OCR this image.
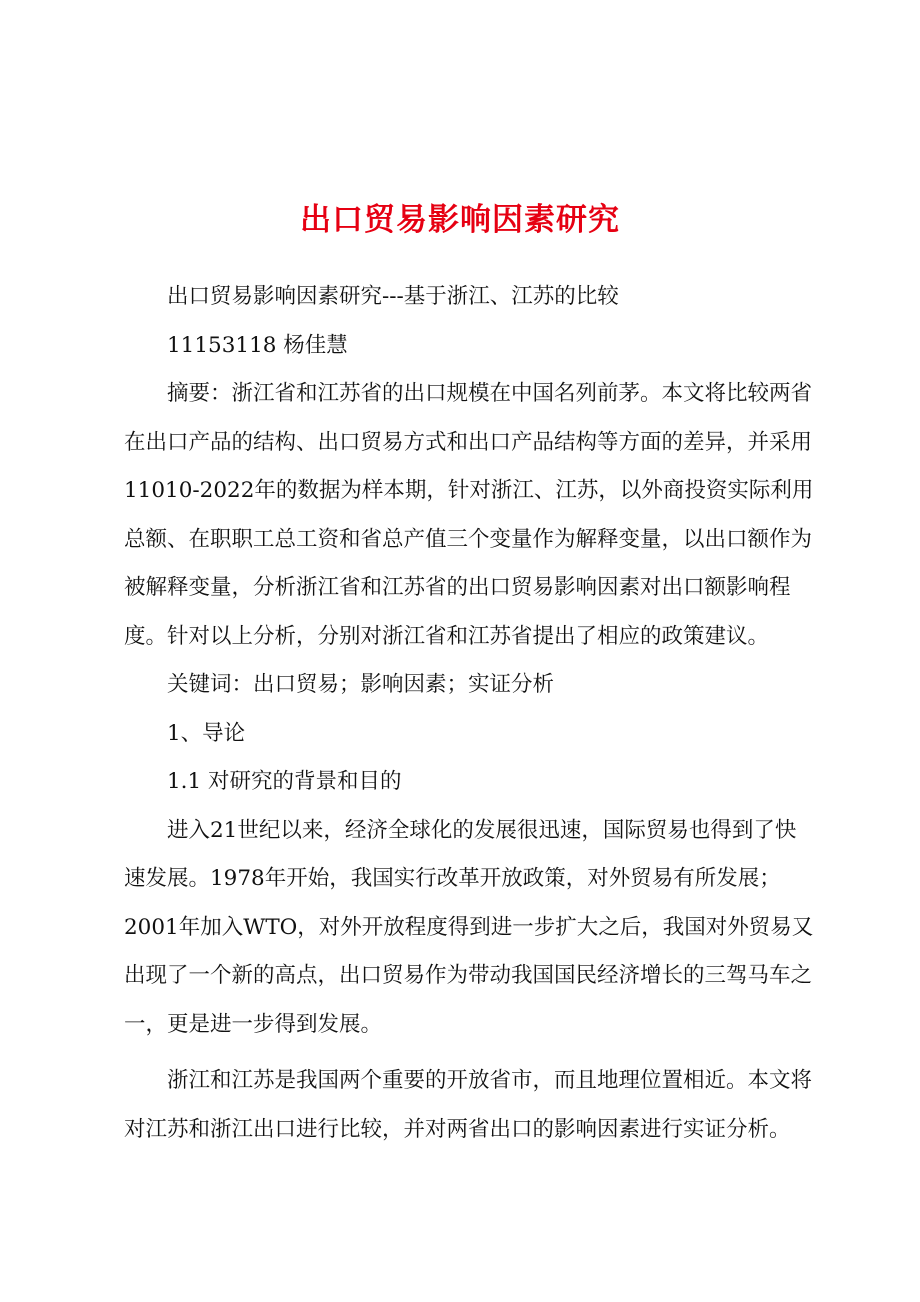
出口贸易影响因素研究

出口贸易影响因素研究---基于浙江、江苏的比较

11153118 杨佳慧

摘要：浙江省和江苏省的出口规模在中国名列前茅。本文将比较两省在出口产品的结构、出口贸易方式和出口产品结构等方面的差异，并采用11010-2022年的数据为样本期，针对浙江、江苏，以外商投资实际利用总额、在职职工总工资和省总产值三个变量作为解释变量，以出口额作为被解释变量，分析浙江省和江苏省的出口贸易影响因素对出口额影响程度。针对以上分析，分别对浙江省和江苏省提出了相应的政策建议。

关键词：出口贸易；影响因素；实证分析

1、导论

1.1 对研究的背景和目的

进入21世纪以来，经济全球化的发展很迅速，国际贸易也得到了快速发展。1978年开始，我国实行改革开放政策，对外贸易有所发展；2001年加入WTO，对外开放程度得到进一步扩大之后，我国对外贸易又出现了一个新的高点，出口贸易作为带动我国国民经济增长的三驾马车之一，更是进一步得到发展。

浙江和江苏是我国两个重要的开放省市，而且地理位置相近。本文将对江苏和浙江出口进行比较，并对两省出口的影响因素进行实证分析。
